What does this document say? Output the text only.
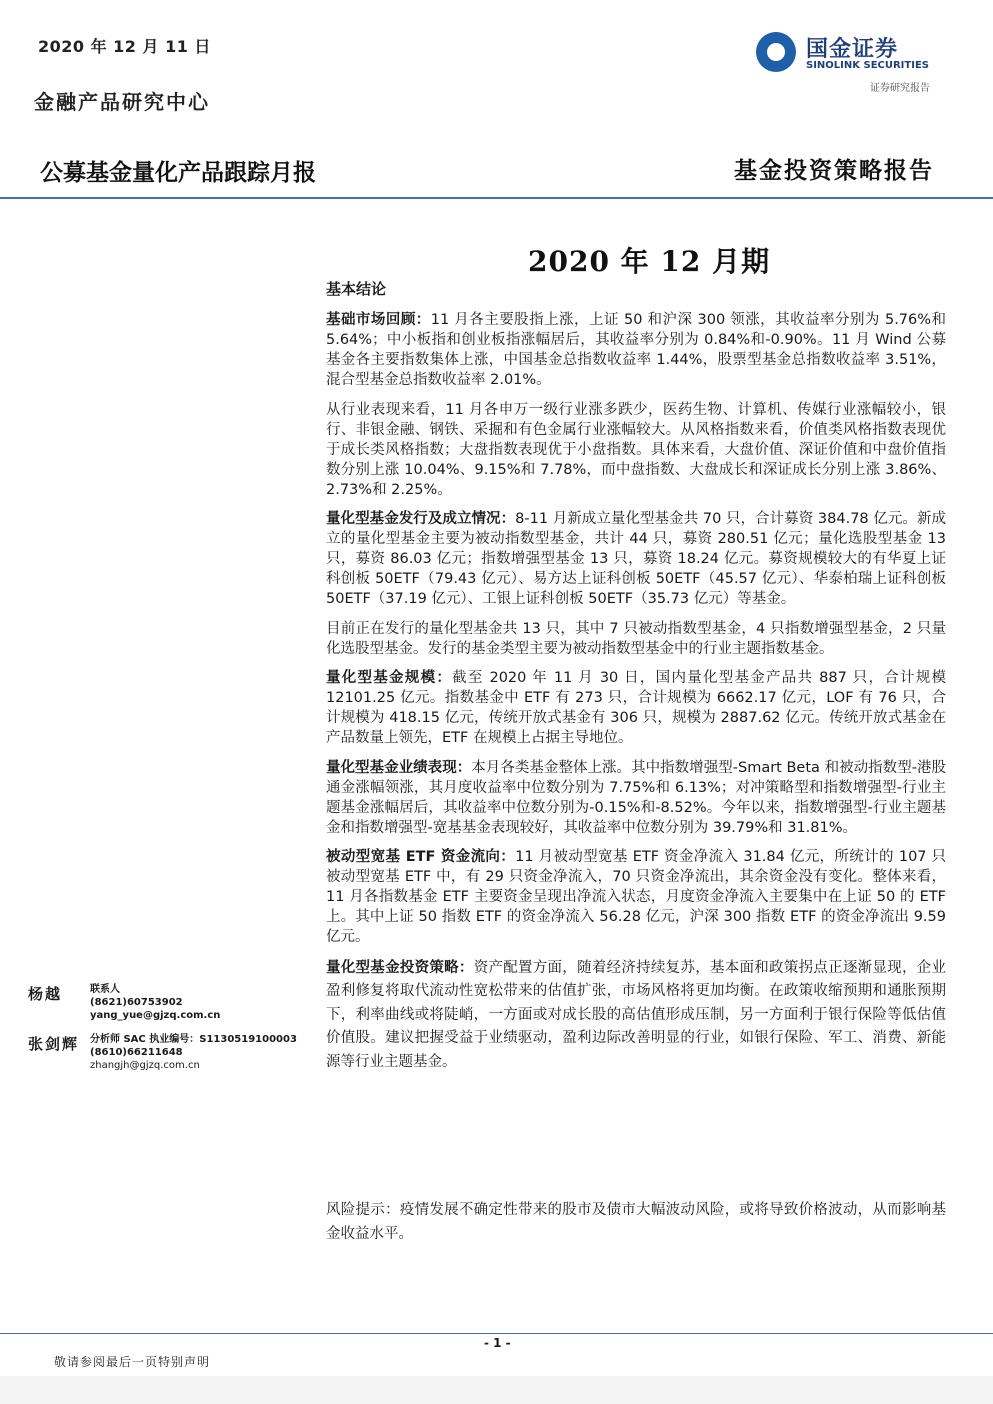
2020 年 12 月 11 日
金融产品研究中心
国金证券
SINOLINK SECURITIES
证券研究报告
公募基金量化产品跟踪月报	基金投资策略报告
2020 年 12 月期
基本结论

基础市场回顾：11 月各主要股指上涨，上证 50 和沪深 300 领涨，其收益率分别为 5.76%和 5.64%；中小板指和创业板指涨幅居后，其收益率分别为 0.84%和-0.90%。11 月 Wind 公募基金各主要指数集体上涨，中国基金总指数收益率 1.44%，股票型基金总指数收益率 3.51%，混合型基金总指数收益率 2.01%。

从行业表现来看，11 月各申万一级行业涨多跌少，医药生物、计算机、传媒行业涨幅较小，银行、非银金融、钢铁、采掘和有色金属行业涨幅较大。从风格指数来看，价值类风格指数表现优于成长类风格指数；大盘指数表现优于小盘指数。具体来看，大盘价值、深证价值和中盘价值指数分别上涨 10.04%、9.15%和 7.78%，而中盘指数、大盘成长和深证成长分别上涨 3.86%、2.73%和 2.25%。

量化型基金发行及成立情况：8-11 月新成立量化型基金共 70 只，合计募资 384.78 亿元。新成立的量化型基金主要为被动指数型基金，共计 44 只，募资 280.51 亿元；量化选股型基金 13 只，募资 86.03 亿元；指数增强型基金 13 只，募资 18.24 亿元。募资规模较大的有华夏上证科创板 50ETF（79.43 亿元）、易方达上证科创板 50ETF（45.57 亿元）、华泰柏瑞上证科创板 50ETF（37.19 亿元）、工银上证科创板 50ETF（35.73 亿元）等基金。

目前正在发行的量化型基金共 13 只，其中 7 只被动指数型基金，4 只指数增强型基金，2 只量化选股型基金。发行的基金类型主要为被动指数型基金中的行业主题指数基金。

量化型基金规模：截至 2020 年 11 月 30 日，国内量化型基金产品共 887 只，合计规模 12101.25 亿元。指数基金中 ETF 有 273 只，合计规模为 6662.17 亿元，LOF 有 76 只，合计规模为 418.15 亿元，传统开放式基金有 306 只，规模为 2887.62 亿元。传统开放式基金在产品数量上领先，ETF 在规模上占据主导地位。

量化型基金业绩表现：本月各类基金整体上涨。其中指数增强型-Smart Beta 和被动指数型-港股通金涨幅领涨，其月度收益率中位数分别为 7.75%和 6.13%；对冲策略型和指数增强型-行业主题基金涨幅居后，其收益率中位数分别为-0.15%和-8.52%。今年以来，指数增强型-行业主题基金和指数增强型-宽基基金表现较好，其收益率中位数分别为 39.79%和 31.81%。

被动型宽基 ETF 资金流向：11 月被动型宽基 ETF 资金净流入 31.84 亿元，所统计的 107 只被动型宽基 ETF 中，有 29 只资金净流入，70 只资金净流出，其余资金没有变化。整体来看，11 月各指数基金 ETF 主要资金呈现出净流入状态，月度资金净流入主要集中在上证 50 的 ETF 上。其中上证 50 指数 ETF 的资金净流入 56.28 亿元，沪深 300 指数 ETF 的资金净流出 9.59 亿元。

量化型基金投资策略：资产配置方面，随着经济持续复苏，基本面和政策拐点正逐渐显现，企业盈利修复将取代流动性宽松带来的估值扩张，市场风格将更加均衡。在政策收缩预期和通胀预期下，利率曲线或将陡峭，一方面或对成长股的高估值形成压制，另一方面利于银行保险等低估值价值股。建议把握受益于业绩驱动，盈利边际改善明显的行业，如银行保险、军工、消费、新能源等行业主题基金。

风险提示：疫情发展不确定性带来的股市及债市大幅波动风险，或将导致价格波动，从而影响基金收益水平。
杨越	联系人
(8621)60753902
yang_yue@gjzq.com.cn
张剑辉 分析师 SAC 执业编号：S1130519100003
(8610)66211648
zhangjh@gjzq.com.cn
- 1 -
敬请参阅最后一页特别声明
